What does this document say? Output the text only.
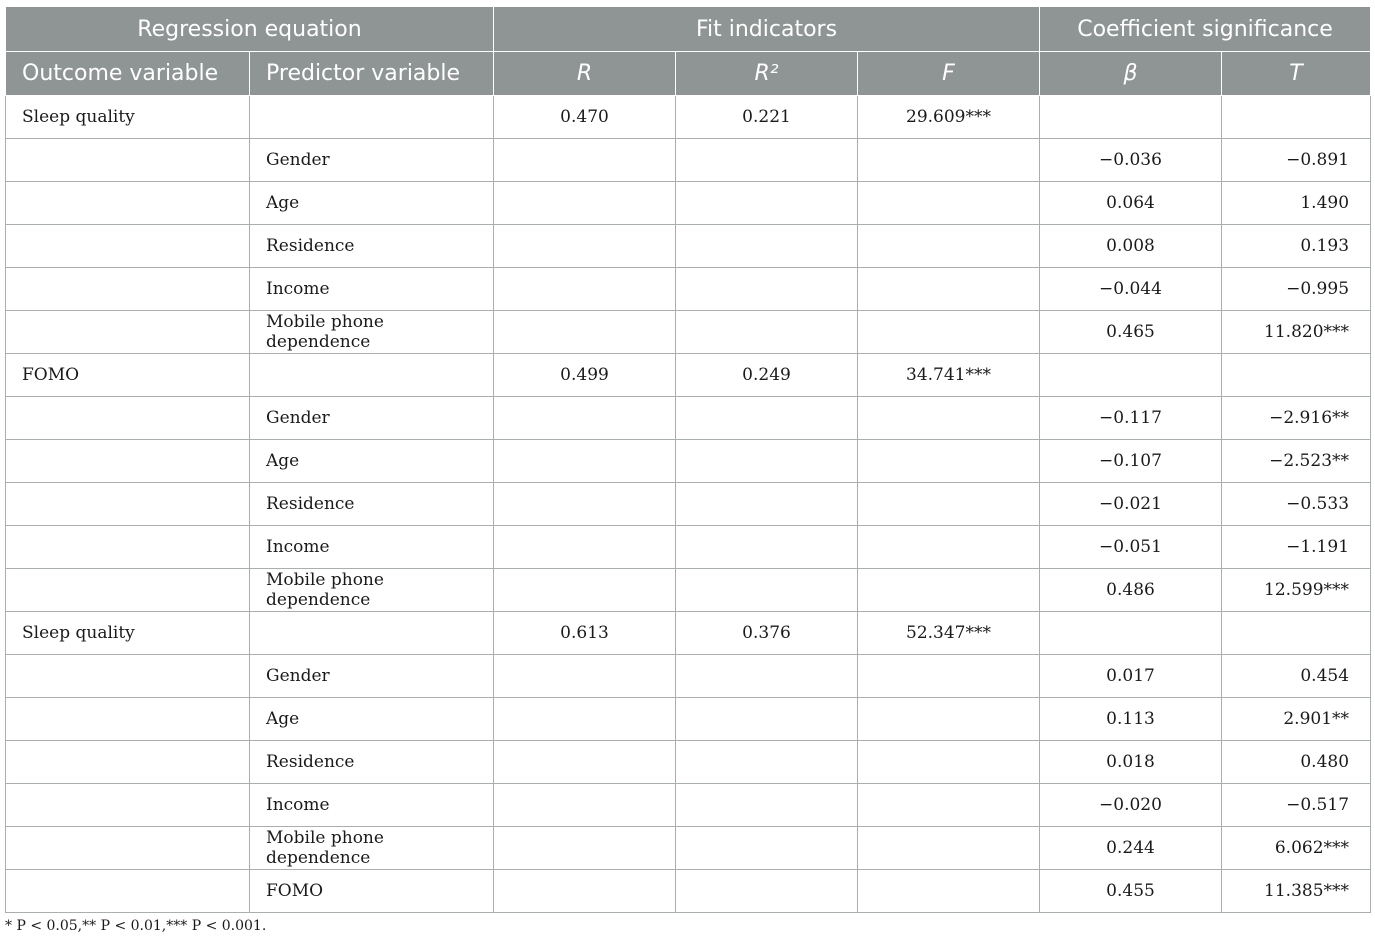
Regression equation		Fit indicators			Coefficient significance	
Outcome variable	Predictor variable	R	R²	F	β	T
Sleep quality		0.470	0.221	29.609***		
	Gender				−0.036	−0.891
	Age				0.064	1.490
	Residence				0.008	0.193
	Income				−0.044	−0.995
	Mobile phone dependence				0.465	11.820***
FOMO		0.499	0.249	34.741***		
	Gender				−0.117	−2.916**
	Age				−0.107	−2.523**
	Residence				−0.021	−0.533
	Income				−0.051	−1.191
	Mobile phone dependence				0.486	12.599***
Sleep quality		0.613	0.376	52.347***		
	Gender				0.017	0.454
	Age				0.113	2.901**
	Residence				0.018	0.480
	Income				−0.020	−0.517
	Mobile phone dependence				0.244	6.062***
	FOMO				0.455	11.385***
* P < 0.05,** P < 0.01,*** P < 0.001.
